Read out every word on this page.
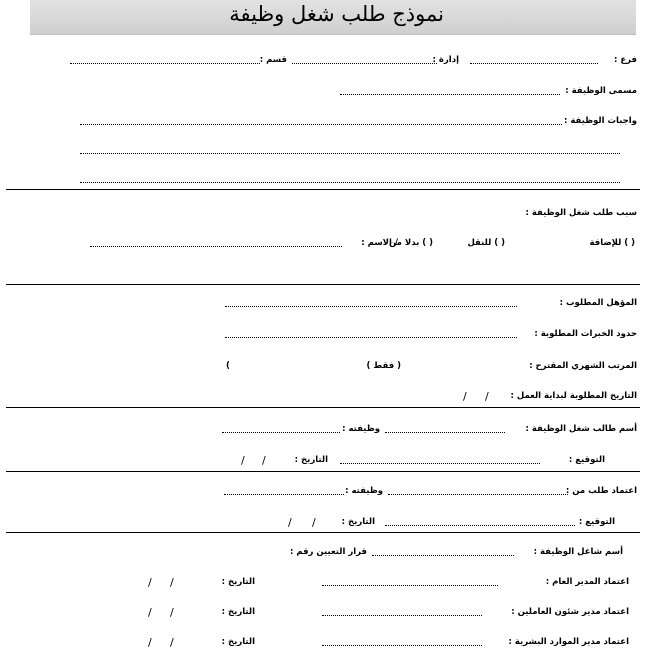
نموذج طلب شغل وظيفة
فرع :
إدارة :
قسم :
مسمى الوظيفة :
واجبات الوظيفة :
سبب طلب شغل الوظيفة :
( ) للإضافة
( ) للنقل
( ) بدلا من
/ الاسم :
المؤهل المطلوب :
حدود الخبرات المطلوبة :
المرتب الشهري المقترح :
(	( فقط )
التاريخ المطلوبة لبداية العمل :
/ /
أسم طالب شغل الوظيفة :
وظيفته :
التوقيع :
التاريخ :
/ /
اعتماد طلب من :
وظيفته :
التوقيع :
التاريخ :
/ /
أسم شاغل الوظيفة :
قرار التعيين رقم :
اعتماد المدير العام :
التاريخ :
/ /
اعتماد مدير شئون العاملين :
التاريخ :
/ /
اعتماد مدير الموارد البشرية :
التاريخ :
/ /
